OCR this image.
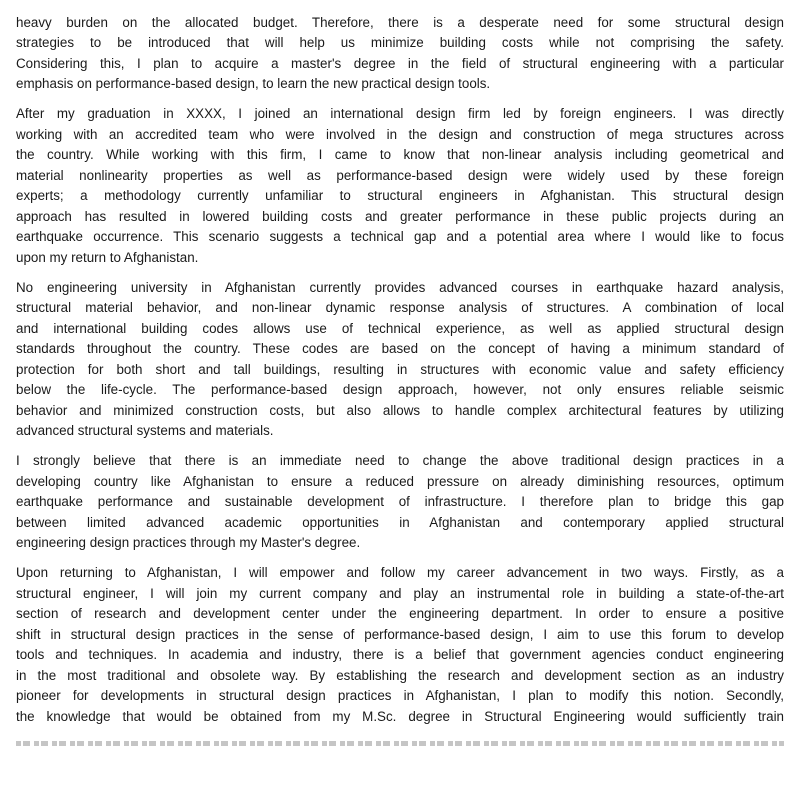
heavy burden on the allocated budget. Therefore, there is a desperate need for some structural design
strategies to be introduced that will help us minimize building costs while not comprising the safety.
Considering this, I plan to acquire a master's degree in the field of structural engineering with a particular
emphasis on performance-based design, to learn the new practical design tools.
After my graduation in XXXX, I joined an international design firm led by foreign engineers. I was directly
working with an accredited team who were involved in the design and construction of mega structures across
the country. While working with this firm, I came to know that non-linear analysis including geometrical and
material nonlinearity properties as well as performance-based design were widely used by these foreign
experts; a methodology currently unfamiliar to structural engineers in Afghanistan. This structural design
approach has resulted in lowered building costs and greater performance in these public projects during an
earthquake occurrence. This scenario suggests a technical gap and a potential area where I would like to focus
upon my return to Afghanistan.
No engineering university in Afghanistan currently provides advanced courses in earthquake hazard analysis,
structural material behavior, and non-linear dynamic response analysis of structures. A combination of local
and international building codes allows use of technical experience, as well as applied structural design
standards throughout the country. These codes are based on the concept of having a minimum standard of
protection for both short and tall buildings, resulting in structures with economic value and safety efficiency
below the life-cycle. The performance-based design approach, however, not only ensures reliable seismic
behavior and minimized construction costs, but also allows to handle complex architectural features by utilizing
advanced structural systems and materials.
I strongly believe that there is an immediate need to change the above traditional design practices in a
developing country like Afghanistan to ensure a reduced pressure on already diminishing resources, optimum
earthquake performance and sustainable development of infrastructure. I therefore plan to bridge this gap
between limited advanced academic opportunities in Afghanistan and contemporary applied structural
engineering design practices through my Master's degree.
Upon returning to Afghanistan, I will empower and follow my career advancement in two ways. Firstly, as a
structural engineer, I will join my current company and play an instrumental role in building a state-of-the-art
section of research and development center under the engineering department. In order to ensure a positive
shift in structural design practices in the sense of performance-based design, I aim to use this forum to develop
tools and techniques. In academia and industry, there is a belief that government agencies conduct engineering
in the most traditional and obsolete way. By establishing the research and development section as an industry
pioneer for developments in structural design practices in Afghanistan, I plan to modify this notion. Secondly,
the knowledge that would be obtained from my M.Sc. degree in Structural Engineering would sufficiently train
